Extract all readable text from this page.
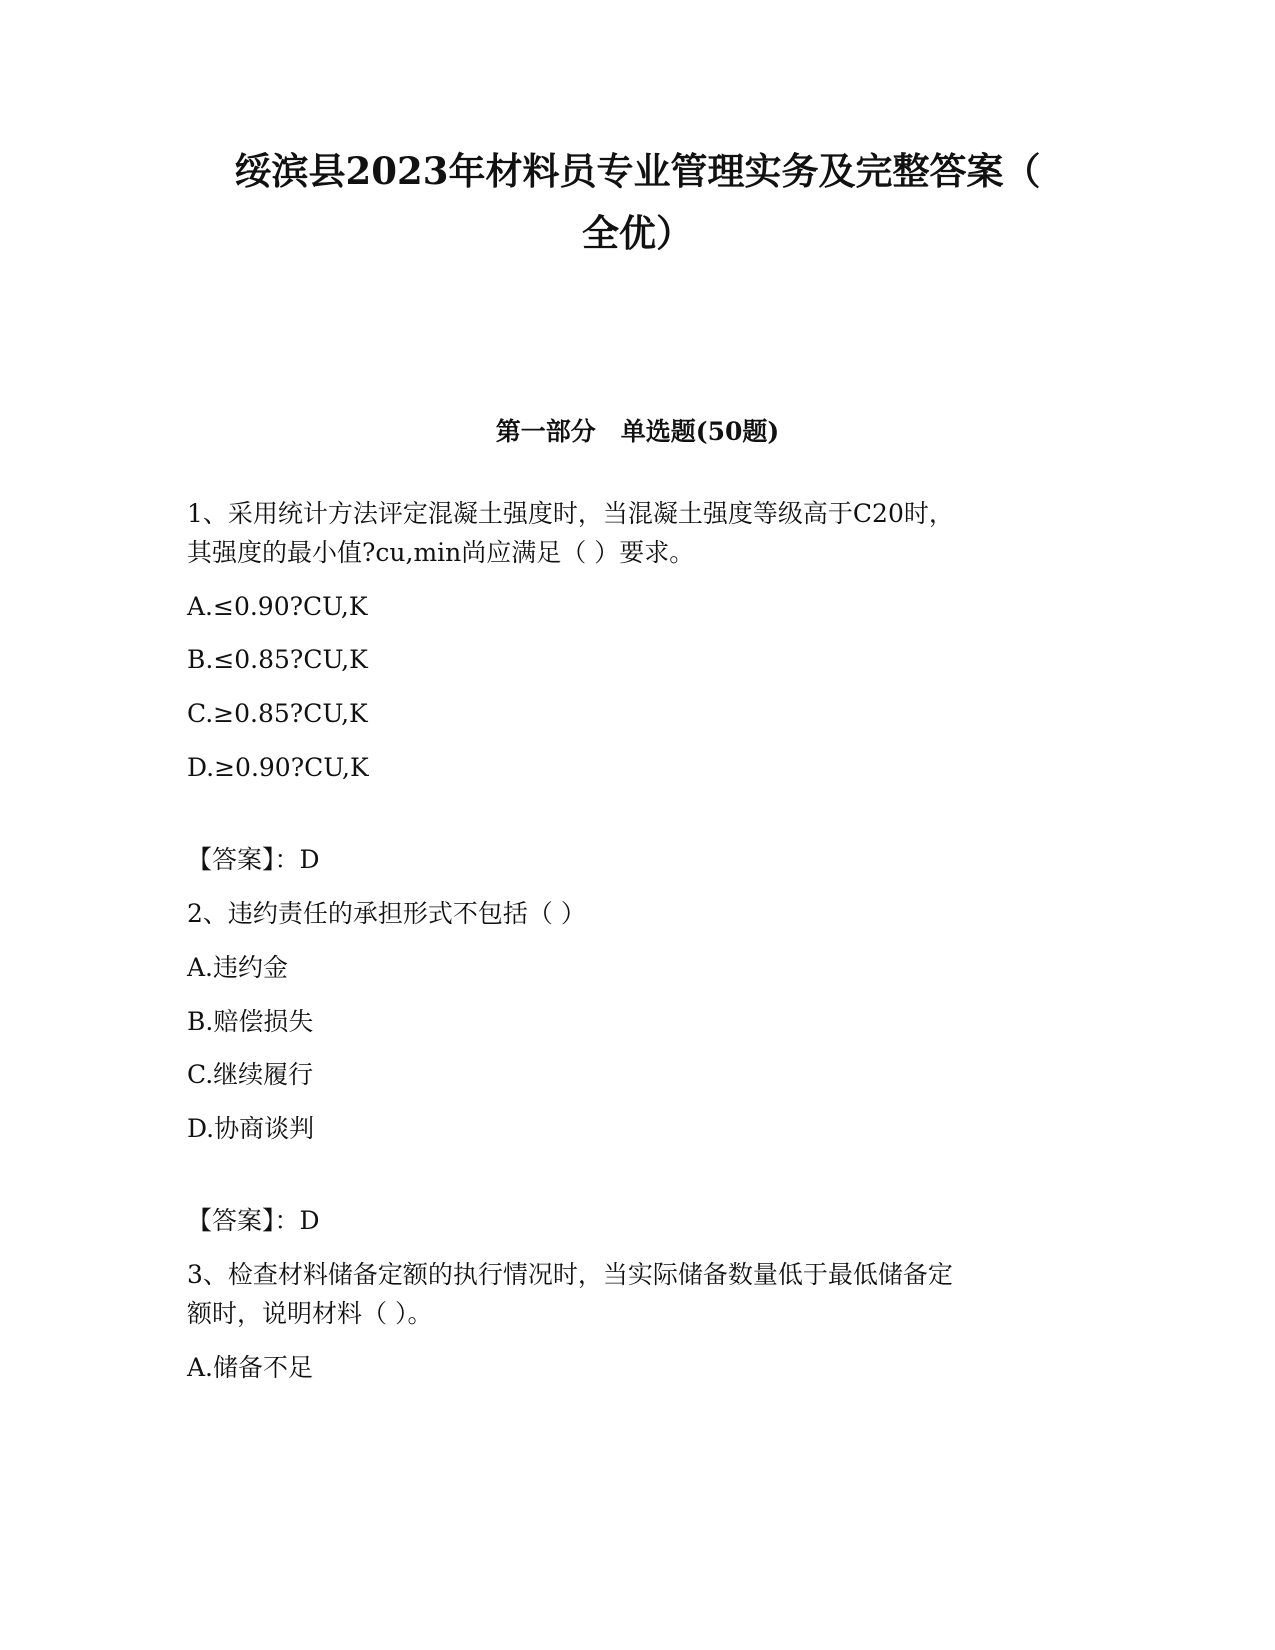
绥滨县2023年材料员专业管理实务及完整答案（
全优）
第一部分　单选题(50题)

1、采用统计方法评定混凝土强度时，当混凝土强度等级高于C20时，

其强度的最小值?cu,min尚应满足（ ）要求。

A.≤0.90?CU,K

B.≤0.85?CU,K

C.≥0.85?CU,K

D.≥0.90?CU,K

【答案】：D

2、违约责任的承担形式不包括（ ）

A.违约金

B.赔偿损失

C.继续履行

D.协商谈判

【答案】：D

3、检查材料储备定额的执行情况时，当实际储备数量低于最低储备定

额时，说明材料（ ）。

A.储备不足
